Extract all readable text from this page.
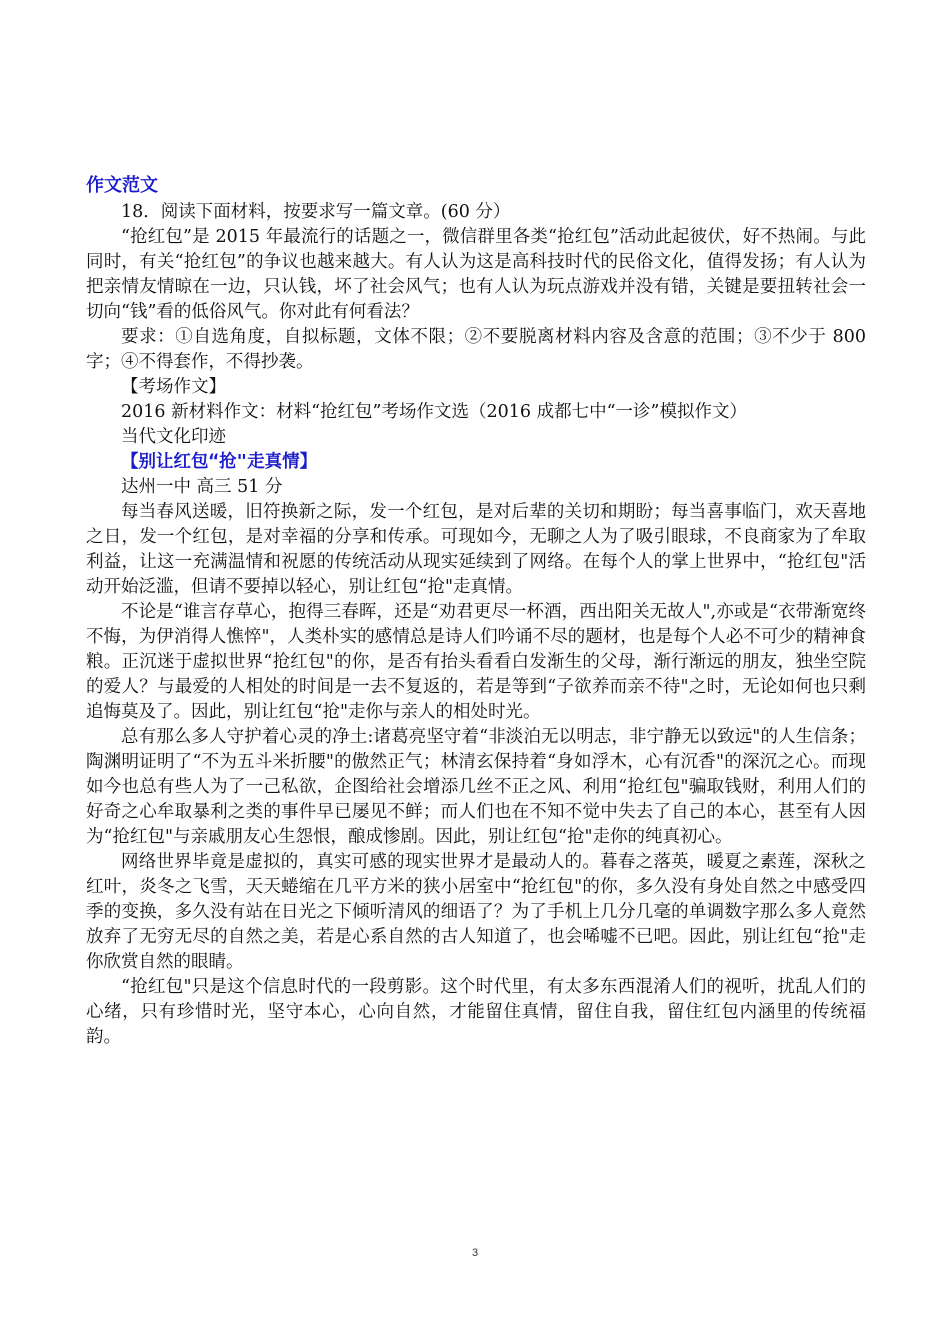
作文范文

18．阅读下面材料，按要求写一篇文章。(60 分）

“抢红包”是 2015 年最流行的话题之一，微信群里各类“抢红包”活动此起彼伏，好不热闹。与此同时，有关“抢红包”的争议也越来越大。有人认为这是高科技时代的民俗文化，值得发扬；有人认为把亲情友情晾在一边，只认钱，坏了社会风气；也有人认为玩点游戏并没有错，关键是要扭转社会一切向“钱”看的低俗风气。你对此有何看法？

要求：①自选角度，自拟标题，文体不限；②不要脱离材料内容及含意的范围；③不少于 800 字；④不得套作，不得抄袭。

【考场作文】

2016 新材料作文：材料“抢红包”考场作文选（2016 成都七中“一诊”模拟作文）

当代文化印迹

【别让红包“抢"走真情】

达州一中 高三 51 分

每当春风送暖，旧符换新之际，发一个红包，是对后辈的关切和期盼；每当喜事临门，欢天喜地之日，发一个红包，是对幸福的分享和传承。可现如今，无聊之人为了吸引眼球，不良商家为了牟取利益，让这一充满温情和祝愿的传统活动从现实延续到了网络。在每个人的掌上世界中，“抢红包"活动开始泛滥，但请不要掉以轻心，别让红包“抢"走真情。

不论是“谁言存草心，抱得三春晖，还是“劝君更尽一杯酒，西出阳关无故人",亦或是“衣带渐宽终不悔，为伊消得人憔悴"，人类朴实的感情总是诗人们吟诵不尽的题材，也是每个人必不可少的精神食粮。正沉迷于虚拟世界“抢红包"的你，是否有抬头看看白发渐生的父母，渐行渐远的朋友，独坐空院的爱人？与最爱的人相处的时间是一去不复返的，若是等到“子欲养而亲不待"之时，无论如何也只剩追悔莫及了。因此，别让红包“抢"走你与亲人的相处时光。

总有那么多人守护着心灵的净土:诸葛亮坚守着“非淡泊无以明志，非宁静无以致远"的人生信条；陶渊明证明了“不为五斗米折腰"的傲然正气；林清玄保持着“身如浮木，心有沉香"的深沉之心。而现如今也总有些人为了一己私欲，企图给社会增添几丝不正之风、利用“抢红包"骗取钱财，利用人们的好奇之心牟取暴利之类的事件早已屡见不鲜；而人们也在不知不觉中失去了自己的本心，甚至有人因为“抢红包"与亲戚朋友心生怨恨，酿成惨剧。因此，别让红包“抢"走你的纯真初心。

网络世界毕竟是虚拟的，真实可感的现实世界才是最动人的。暮春之落英，暖夏之素莲，深秋之红叶，炎冬之飞雪，天天蜷缩在几平方米的狭小居室中“抢红包"的你，多久没有身处自然之中感受四季的变换，多久没有站在日光之下倾听清风的细语了？为了手机上几分几毫的单调数字那么多人竟然放弃了无穷无尽的自然之美，若是心系自然的古人知道了，也会唏嘘不已吧。因此，别让红包“抢"走你欣赏自然的眼睛。

“抢红包"只是这个信息时代的一段剪影。这个时代里，有太多东西混淆人们的视听，扰乱人们的心绪，只有珍惜时光，坚守本心，心向自然，才能留住真情，留住自我，留住红包内涵里的传统福韵。

3
